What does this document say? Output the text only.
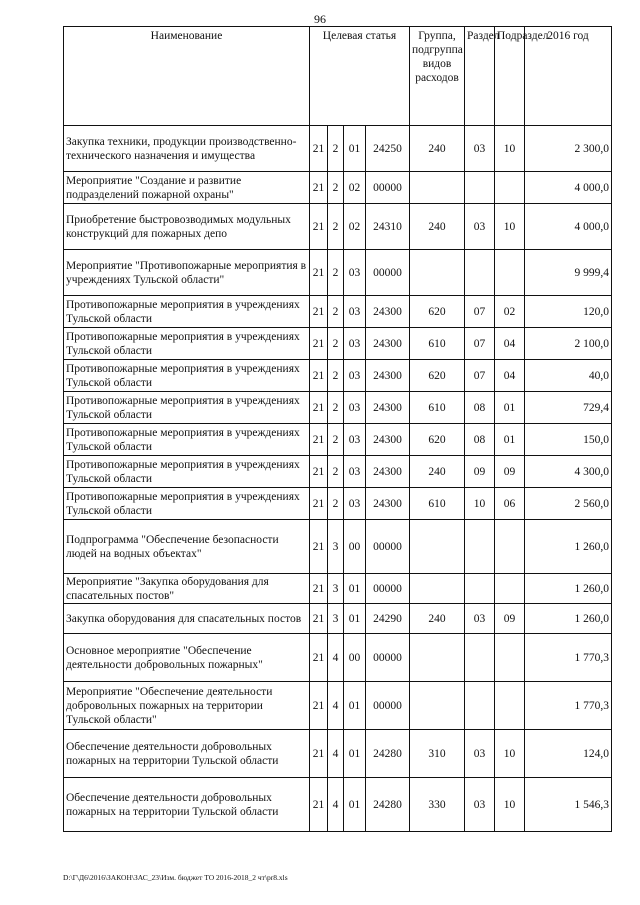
96
Наименование	Целевая статья				Группа, подгруппа видов расходов	Раздел	Подраздел	2016 год
Закупка техники, продукции производственно-технического назначения и имущества	21	2	01	24250	240	03	10	2 300,0
Мероприятие "Создание и развитие подразделений пожарной охраны"	21	2	02	00000				4 000,0
Приобретение быстровозводимых модульных конструкций для пожарных депо	21	2	02	24310	240	03	10	4 000,0
Мероприятие "Противопожарные мероприятия в учреждениях Тульской области"	21	2	03	00000				9 999,4
Противопожарные мероприятия в учреждениях Тульской области	21	2	03	24300	620	07	02	120,0
Противопожарные мероприятия в учреждениях Тульской области	21	2	03	24300	610	07	04	2 100,0
Противопожарные мероприятия в учреждениях Тульской области	21	2	03	24300	620	07	04	40,0
Противопожарные мероприятия в учреждениях Тульской области	21	2	03	24300	610	08	01	729,4
Противопожарные мероприятия в учреждениях Тульской области	21	2	03	24300	620	08	01	150,0
Противопожарные мероприятия в учреждениях Тульской области	21	2	03	24300	240	09	09	4 300,0
Противопожарные мероприятия в учреждениях Тульской области	21	2	03	24300	610	10	06	2 560,0
Подпрограмма "Обеспечение безопасности людей на водных объектах"	21	3	00	00000				1 260,0
Мероприятие "Закупка оборудования для спасательных постов"	21	3	01	00000				1 260,0
Закупка оборудования для спасательных постов	21	3	01	24290	240	03	09	1 260,0
Основное мероприятие "Обеспечение деятельности добровольных пожарных"	21	4	00	00000				1 770,3
Мероприятие "Обеспечение деятельности добровольных пожарных на территории Тульской области"	21	4	01	00000				1 770,3
Обеспечение деятельности добровольных пожарных на территории Тульской области	21	4	01	24280	310	03	10	124,0
Обеспечение деятельности добровольных пожарных на территории Тульской области	21	4	01	24280	330	03	10	1 546,3
D:\Г\Д6\2016\ЗАКОН\ЗАС_23\Изм. бюджет ТО 2016-2018_2 чт\pr8.xls
